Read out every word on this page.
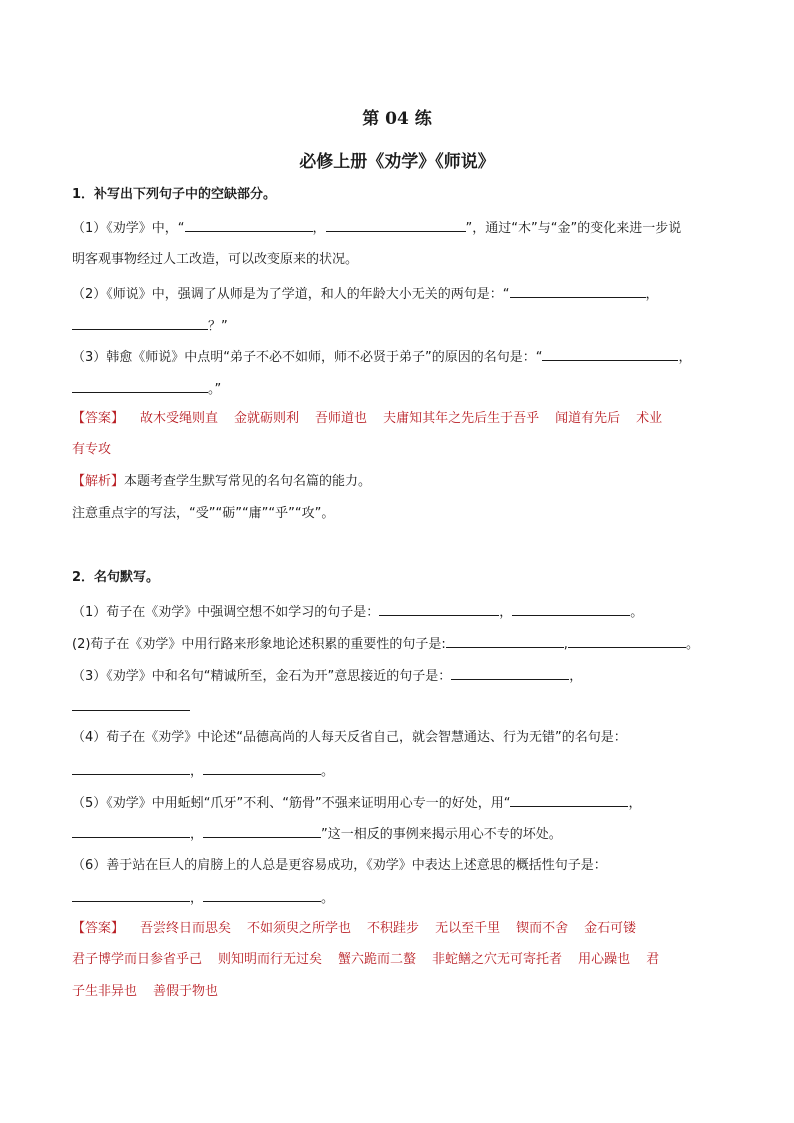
第 04 练
必修上册《劝学》《师说》
1．补写出下列句子中的空缺部分。
（1）《劝学》中，“	，	”，通过“木”与“金”的变化来进一步说
明客观事物经过人工改造，可以改变原来的状况。
（2）《师说》中，强调了从师是为了学道，和人的年龄大小无关的两句是：“	，
？”
（3）韩愈《师说》中点明“弟子不必不如师，师不必贤于弟子”的原因的名句是：“	，
。”
【答案】 故木受绳则直 金就砺则利 吾师道也 夫庸知其年之先后生于吾乎 闻道有先后 术业
有专攻
【解析】本题考查学生默写常见的名句名篇的能力。
注意重点字的写法，“受”“砺”“庸”“乎”“攻”。
2．名句默写。
（1）荀子在《劝学》中强调空想不如学习的句子是：	，	。
(2)荀子在《劝学》中用行路来形象地论述积累的重要性的句子是:	,	。
（3）《劝学》中和名句“精诚所至，金石为开”意思接近的句子是：	，
（4）荀子在《劝学》中论述“品德高尚的人每天反省自己，就会智慧通达、行为无错”的名句是：
，	。
（5）《劝学》中用蚯蚓“爪牙”不利、“筋骨”不强来证明用心专一的好处，用“	，
，	”这一相反的事例来揭示用心不专的坏处。
（6）善于站在巨人的肩膀上的人总是更容易成功，《劝学》中表达上述意思的概括性句子是：
，	。
【答案】 吾尝终日而思矣 不如须臾之所学也 不积跬步 无以至千里 锲而不舍 金石可镂
君子博学而日参省乎己 则知明而行无过矣 蟹六跪而二螯 非蛇鳝之穴无可寄托者 用心躁也 君
子生非异也 善假于物也
